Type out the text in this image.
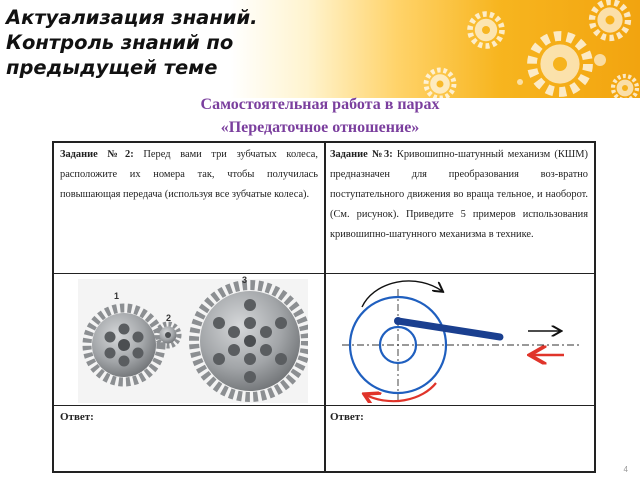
Актуализация знаний.
Контроль знаний по
предыдущей теме
Самостоятельная работа в парах
«Передаточное отношение»

Задание №2: Перед вами три зубчатых колеса, расположите их номера так, чтобы получилась повышающая передача (используя все зубчатые колеса).

Задание №3: Кривошипно-шатунный механизм (КШМ) предназначен для преобразования воз-вратно поступательного движения во враща тельное, и наоборот. (См. рисунок). Приведите 5 примеров использования кривошипно-шатунного механизма в технике.

1
2
3
Ответ:	Ответ:
4
